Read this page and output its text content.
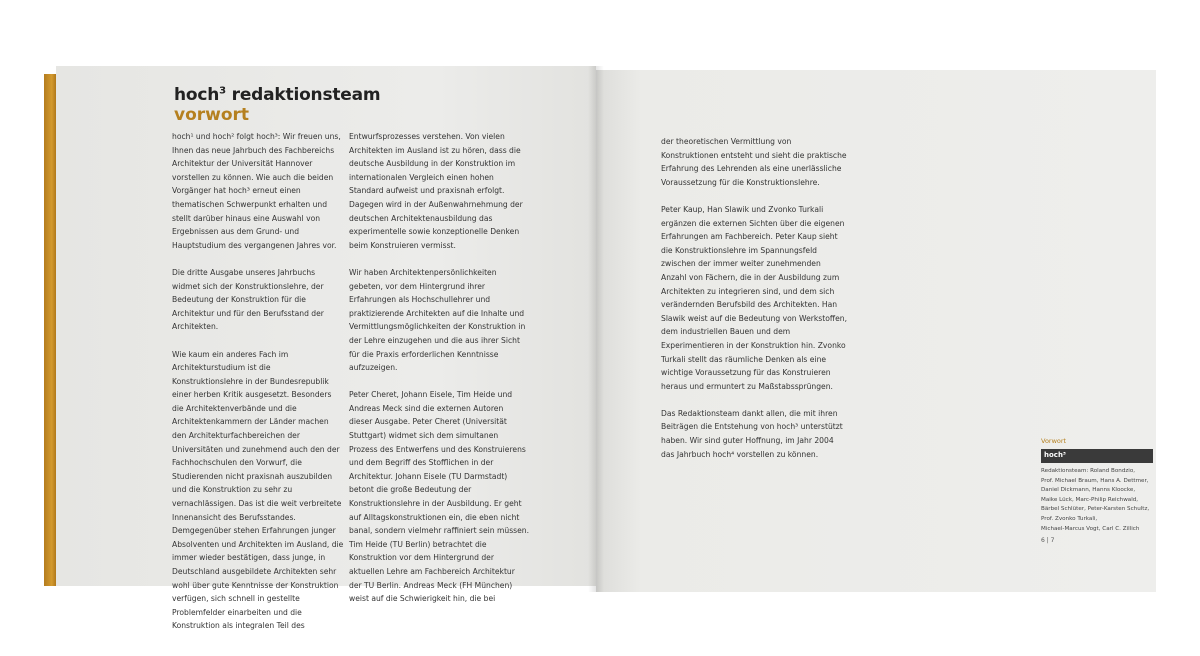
hoch$^3$ redaktionsteam
vorwort

hoch¹ und hoch² folgt hoch³: Wir freuen uns, Ihnen das neue Jahrbuch des Fachbereichs Architektur der Universität Hannover vorstellen zu können. Wie auch die beiden Vorgänger hat hoch³ erneut einen thematischen Schwerpunkt erhalten und stellt darüber hinaus eine Auswahl von Ergebnissen aus dem Grund- und Hauptstudium des vergangenen Jahres vor.

Die dritte Ausgabe unseres Jahrbuchs widmet sich der Konstruktionslehre, der Bedeutung der Konstruktion für die Architektur und für den Berufsstand der Architekten.

Wie kaum ein anderes Fach im Architekturstudium ist die Konstruktionslehre in der Bundesrepublik einer herben Kritik ausgesetzt. Besonders die Architektenverbände und die Architektenkammern der Länder machen den Architekturfachbereichen der Universitäten und zunehmend auch den der Fachhochschulen den Vorwurf, die Studierenden nicht praxisnah auszubilden und die Konstruktion zu sehr zu vernachlässigen. Das ist die weit verbreitete Innenansicht des Berufsstandes. Demgegenüber stehen Erfahrungen junger Absolventen und Architekten im Ausland, die immer wieder bestätigen, dass junge, in Deutschland ausgebildete Architekten sehr wohl über gute Kenntnisse der Konstruktion verfügen, sich schnell in gestellte Problemfelder einarbeiten und die Konstruktion als integralen Teil des

Entwurfsprozesses verstehen. Von vielen Architekten im Ausland ist zu hören, dass die deutsche Ausbildung in der Konstruktion im internationalen Vergleich einen hohen Standard aufweist und praxisnah erfolgt. Dagegen wird in der Außenwahrnehmung der deutschen Architektenausbildung das experimentelle sowie konzeptionelle Denken beim Konstruieren vermisst.

Wir haben Architektenpersönlichkeiten gebeten, vor dem Hintergrund ihrer Erfahrungen als Hochschullehrer und praktizierende Architekten auf die Inhalte und Vermittlungsmöglichkeiten der Konstruktion in der Lehre einzugehen und die aus ihrer Sicht für die Praxis erforderlichen Kenntnisse aufzuzeigen.

Peter Cheret, Johann Eisele, Tim Heide und Andreas Meck sind die externen Autoren dieser Ausgabe. Peter Cheret (Universität Stuttgart) widmet sich dem simultanen Prozess des Entwerfens und des Konstruierens und dem Begriff des Stofflichen in der Architektur. Johann Eisele (TU Darmstadt) betont die große Bedeutung der Konstruktionslehre in der Ausbildung. Er geht auf Alltagskonstruktionen ein, die eben nicht banal, sondern vielmehr raffiniert sein müssen. Tim Heide (TU Berlin) betrachtet die Konstruktion vor dem Hintergrund der aktuellen Lehre am Fachbereich Architektur der TU Berlin. Andreas Meck (FH München) weist auf die Schwierigkeit hin, die bei

der theoretischen Vermittlung von Konstruktionen entsteht und sieht die praktische Erfahrung des Lehrenden als eine unerlässliche Voraussetzung für die Konstruktionslehre.

Peter Kaup, Han Slawik und Zvonko Turkali ergänzen die externen Sichten über die eigenen Erfahrungen am Fachbereich. Peter Kaup sieht die Konstruktionslehre im Spannungsfeld zwischen der immer weiter zunehmenden Anzahl von Fächern, die in der Ausbildung zum Architekten zu integrieren sind, und dem sich verändernden Berufsbild des Architekten. Han Slawik weist auf die Bedeutung von Werkstoffen, dem industriellen Bauen und dem Experimentieren in der Konstruktion hin. Zvonko Turkali stellt das räumliche Denken als eine wichtige Voraussetzung für das Konstruieren heraus und ermuntert zu Maßstabssprüngen.

Das Redaktionsteam dankt allen, die mit ihren Beiträgen die Entstehung von hoch³ unterstützt haben. Wir sind guter Hoffnung, im Jahr 2004 das Jahrbuch hoch⁴ vorstellen zu können.

Vorwort
hoch³
Redaktionsteam: Roland Bondzio,
Prof. Michael Braum, Hans A. Dettmer,
Daniel Dickmann, Hanns Kloocke,
Maike Lück, Marc-Philip Reichwald,
Bärbel Schlüter, Peter-Karsten Schultz,
Prof. Zvonko Turkali,
Michael-Marcus Vogt, Carl C. Zillich
6 | 7
